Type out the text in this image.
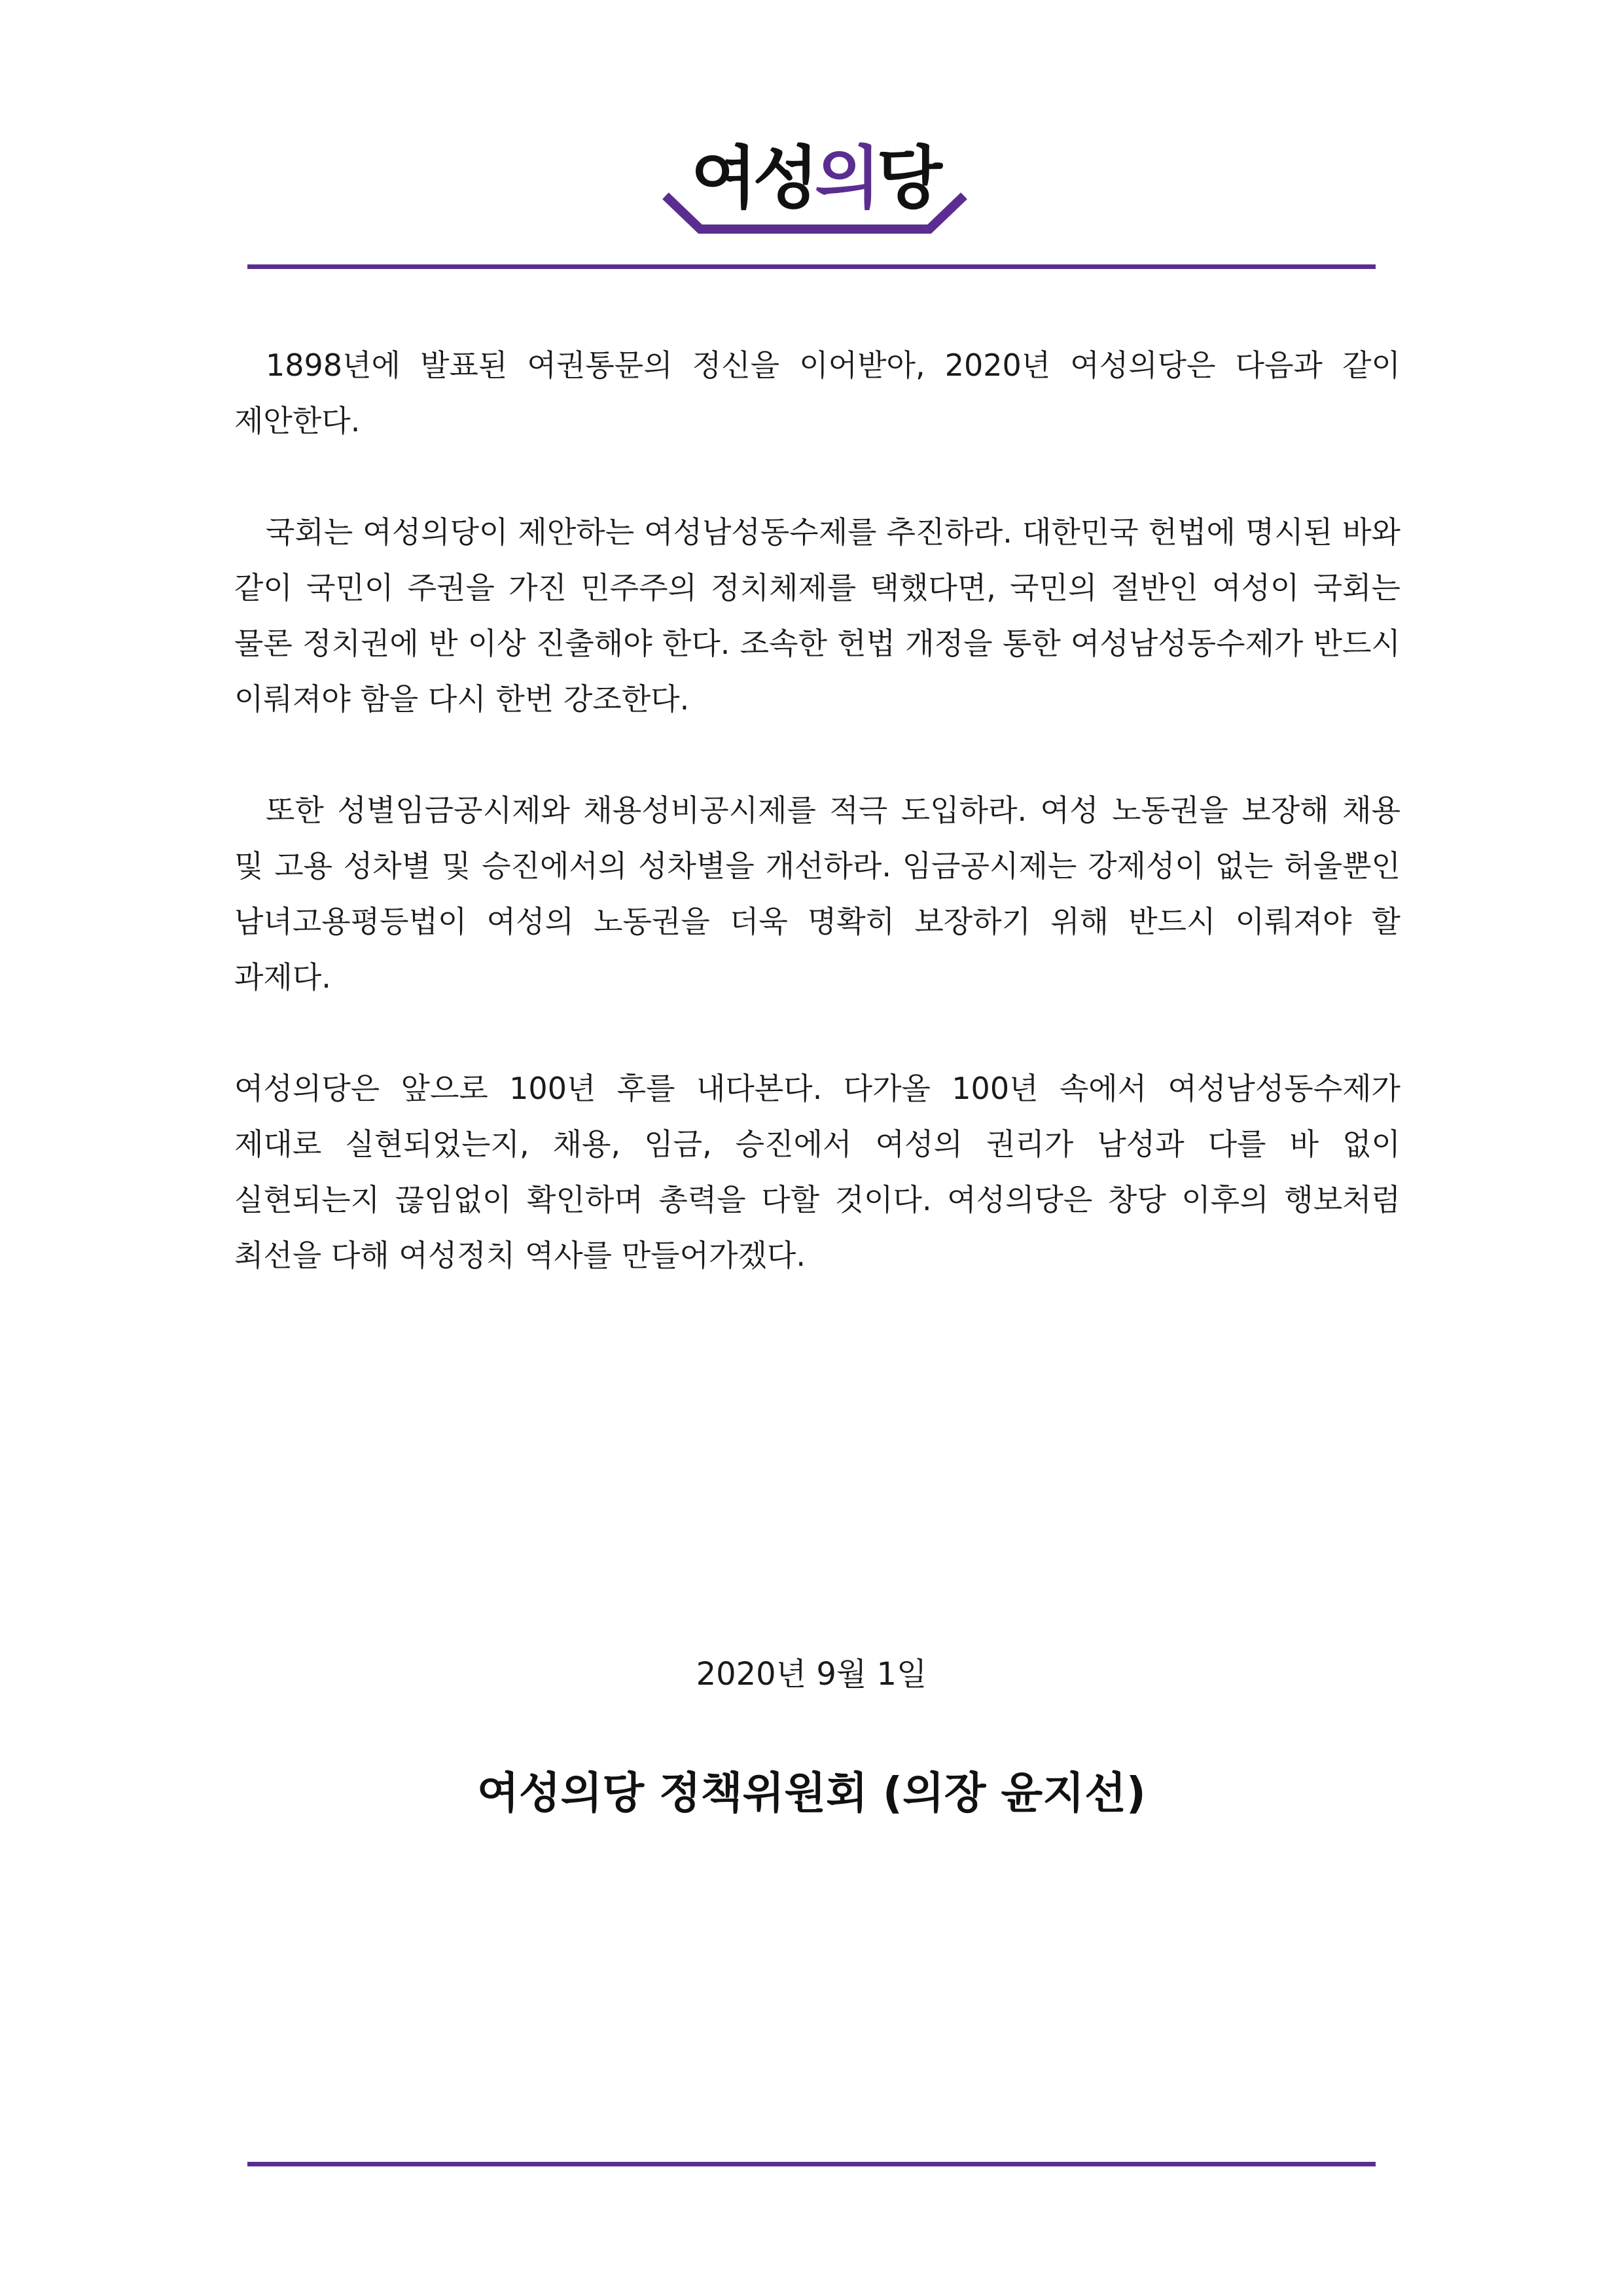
여성의당

1898년에 발표된 여권통문의 정신을 이어받아, 2020년 여성의당은 다음과 같이 제안한다.

국회는 여성의당이 제안하는 여성남성동수제를 추진하라. 대한민국 헌법에 명시된 바와 같이 국민이 주권을 가진 민주주의 정치체제를 택했다면, 국민의 절반인 여성이 국회는 물론 정치권에 반 이상 진출해야 한다. 조속한 헌법 개정을 통한 여성남성동수제가 반드시 이뤄져야 함을 다시 한번 강조한다.

또한 성별임금공시제와 채용성비공시제를 적극 도입하라. 여성 노동권을 보장해 채용 및 고용 성차별 및 승진에서의 성차별을 개선하라. 임금공시제는 강제성이 없는 허울뿐인 남녀고용평등법이 여성의 노동권을 더욱 명확히 보장하기 위해 반드시 이뤄져야 할 과제다.

여성의당은 앞으로 100년 후를 내다본다. 다가올 100년 속에서 여성남성동수제가 제대로 실현되었는지, 채용, 임금, 승진에서 여성의 권리가 남성과 다를 바 없이 실현되는지 끊임없이 확인하며 총력을 다할 것이다. 여성의당은 창당 이후의 행보처럼 최선을 다해 여성정치 역사를 만들어가겠다.

2020년 9월 1일
여성의당 정책위원회 (의장 윤지선)
